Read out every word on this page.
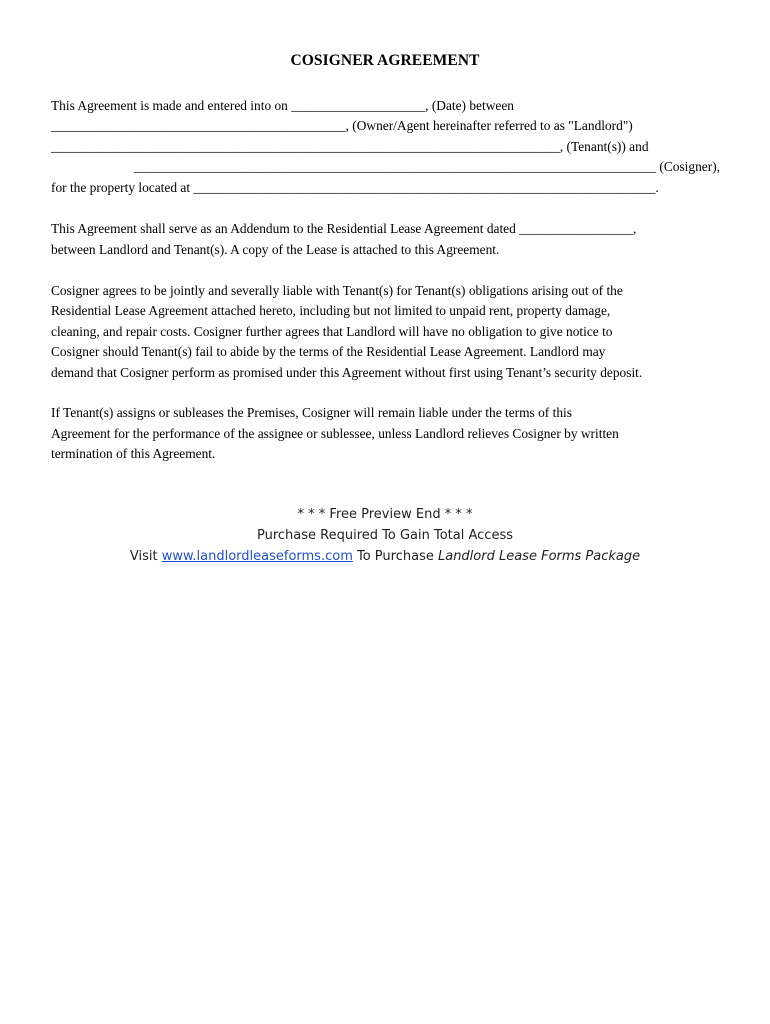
COSIGNER AGREEMENT
This Agreement is made and entered into on ____________________, (Date) between
____________________________________________, (Owner/Agent hereinafter referred to as "Landlord")
____________________________________________________________________________, (Tenant(s)) and
______________________________________________________________________________ (Cosigner),
for the property located at _____________________________________________________________________.
This Agreement shall serve as an Addendum to the Residential Lease Agreement dated _________________,
between Landlord and Tenant(s). A copy of the Lease is attached to this Agreement.
Cosigner agrees to be jointly and severally liable with Tenant(s) for Tenant(s) obligations arising out of the
Residential Lease Agreement attached hereto, including but not limited to unpaid rent, property damage,
cleaning, and repair costs. Cosigner further agrees that Landlord will have no obligation to give notice to
Cosigner should Tenant(s) fail to abide by the terms of the Residential Lease Agreement. Landlord may
demand that Cosigner perform as promised under this Agreement without first using Tenant’s security deposit.
If Tenant(s) assigns or subleases the Premises, Cosigner will remain liable under the terms of this
Agreement for the performance of the assignee or sublessee, unless Landlord relieves Cosigner by written
termination of this Agreement.
* * * Free Preview End * * *
Purchase Required To Gain Total Access
Visit www.landlordleaseforms.com To Purchase Landlord Lease Forms Package
